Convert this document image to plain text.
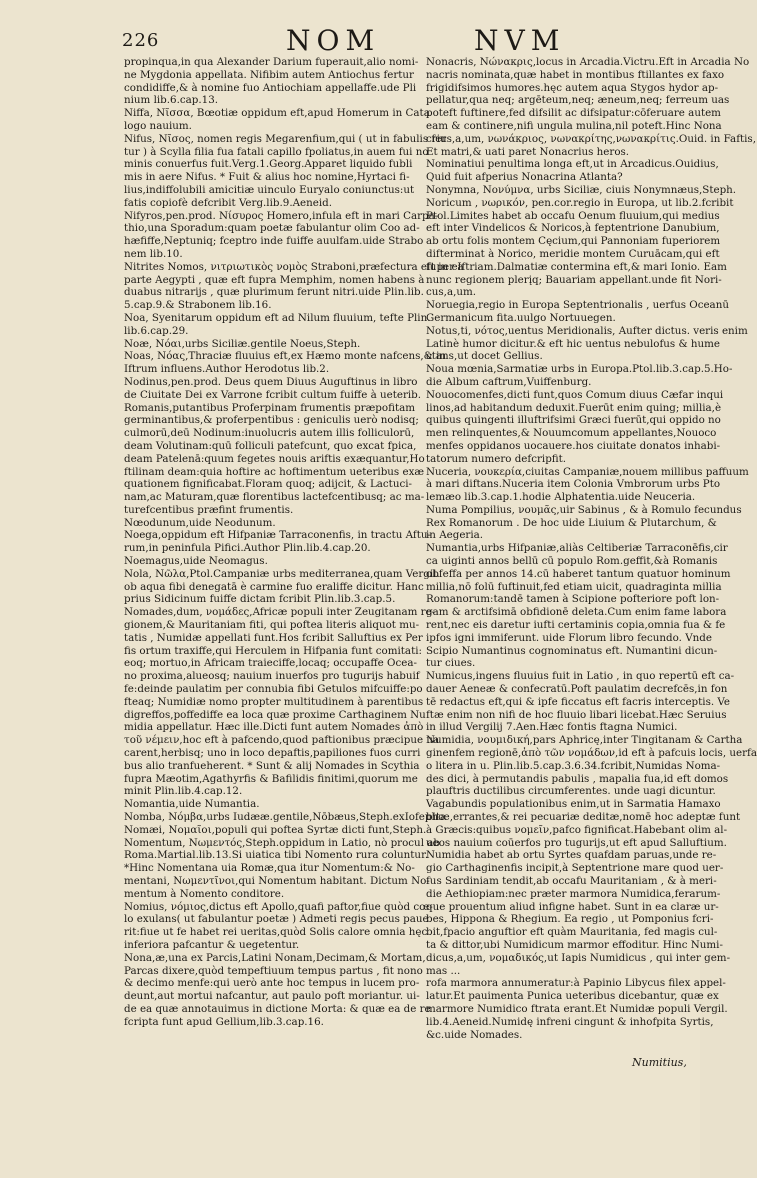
226	NOM	NVM
propinqua,in qua Alexander Darium fuperauit,alio nomi-
ne Mygdonia appellata. Nifibim autem Antiochus fertur
condidiffe,& à nomine fuo Antiochiam appellaffe.ude Pli
nium lib.6.cap.13.
Niffa, Νῖσσα, Bœotiæ oppidum eft,apud Homerum in Cata
logo nauium.
Nifus, Νῖσος, nomen regis Megarenfium,qui ( ut in fabulis fer
tur ) à Scylla filia fua fatali capillo fpoliatus,in auem fui no
minis conuerfus fuit.Verg.1.Georg.Apparet liquido fubli
mis in aere Nifus. * Fuit & alius hoc nomine,Hyrtaci fi-
lius,indiffolubili amicitiæ uinculo Euryalo coniunctus:ut
fatis copiofè defcribit Verg.lib.9.Aeneid.
Nifyros,pen.prod. Νίσυρος Homero,infula eft in mari Carpa-
thio,una Sporadum:quam poetæ fabulantur olim Coo ad-
hæfiffe,Neptuniq; fceptro inde fuiffe auulfam.uide Strabo
nem lib.10.
Nitrites Nomos, νιτριωτικὸς νομὸς Straboni,præfectura eft in ea
parte Aegypti , quæ eft fupra Memphim, nomen habens à
duabus nitrarijs , quæ plurimum ferunt nitri.uide Plin.lib.
5.cap.9.& Strabonem lib.16.
Noa, Syenitarum oppidum eft ad Nilum fluuium, tefte Plin.
lib.6.cap.29.
Noæ, Νόαι,urbs Siciliæ.gentile Noeus,Steph.
Noas, Νόας,Thraciæ fluuius eft,ex Hæmo monte nafcens,& in
Iftrum influens.Author Herodotus lib.2.
Nodinus,pen.prod. Deus quem Diuus Auguftinus in libro
de Ciuitate Dei ex Varrone fcribit cultum fuiffe à ueterib.
Romanis,putantibus Proferpinam frumentis præpofitam
germinantibus,& proferpentibus : geniculis uerò nodisq;
culmorū,deū Nodinum:inuolucris autem illis folliculorū,
deam Volutinam:quū folliculi patefcunt, quo excat fpica,
deam Patelenā:quum fegetes nouis ariftis exæquantur,Ho
ftilinam deam:quia hoftire ac hoftimentum ueteribus exæ
quationem fignificabat.Floram quoq; adijcit, & Lactuci-
nam,ac Maturam,quæ florentibus lactefcentibusq; ac ma-
turefcentibus præfint frumentis.
Nœodunum,uide Neodunum.
Noega,oppidum eft Hifpaniæ Tarraconenfis, in tractu Aftu-
rum,in peninfula Pifici.Author Plin.lib.4.cap.20.
Noemagus,uide Neomagus.
Nola, Νῶλα,Ptol.Campaniæ urbs mediterranea,quam Vergil.
ob aqua fibi denegatā è carmine fuo eraliffe dicitur. Hanc
prius Sidicinum fuiffe dictam fcribit Plin.lib.3.cap.5.
Nomades,dum, νομάδες,Africæ populi inter Zeugitanam re-
gionem,& Mauritaniam fiti, qui poftea literis aliquot mu-
tatis , Numidæ appellati funt.Hos fcribit Salluftius ex Per
fis ortum traxiffe,qui Herculem in Hifpania funt comitati:
eoq; mortuo,in Africam traieciffe,locaq; occupaffe Ocea-
no proxima,alueosq; nauium inuerfos pro tugurijs habuif
fe:deinde paulatim per connubia fibi Getulos mifcuiffe:po
fteaq; Numidiæ nomo propter multitudinem à parentibus
digreffos,poffediffe ea loca quæ proxime Carthaginem Nu
midia appellatur. Hæc ille.Dicti funt autem Nomades ἀπὸ
τοῦ νέμειν,hoc eft à pafcendo,quod paftionibus præcipue ua
carent,herbisq; uno in loco depaftis,papiliones fuos curri
bus alio tranfueherent. * Sunt & alij Nomades in Scythia
fupra Mæotim,Agathyrfis & Bafilidis finitimi,quorum me
minit Plin.lib.4.cap.12.
Nomantia,uide Numantia.
Nomba, Νόμβα,urbs Iudææ.gentile,Nōbæus,Steph.exIofepho.
Nomæi, Νομαῖοι,populi qui poftea Syrtæ dicti funt,Steph.
Nomentum, Νωμεντός,Steph.oppidum in Latio, nò procul ab
Roma.Martial.lib.13.Si uiatica tibi Nomento rura coluntur.
*Hinc Nomentana uia Romæ,qua itur Nomentum:& No-
mentani, Νωμεντῖνοι,qui Nomentum habitant. Dictum No-
mentum à Nomento conditore.
Nomius, νόμιος,dictus eft Apollo,quafi paftor,fiue quòd cœ-
lo exulans( ut fabulantur poetæ ) Admeti regis pecus paue
rit:fiue ut fe habet rei ueritas,quòd Solis calore omnia hęc
inferiora pafcantur & uegetentur.
Nona,æ,una ex Parcis,Latini Nonam,Decimam,& Mortam,
Parcas dixere,quòd tempeftiuum tempus partus , fit nono
& decimo menfe:qui uerò ante hoc tempus in lucem pro-
deunt,aut mortui nafcantur, aut paulo poft moriantur. ui-
de ea quæ annotauimus in dictione Morta: & quæ ea de re
fcripta funt apud Gellium,lib.3.cap.16.
Nonacris, Νώνακρις,locus in Arcadia.Victru.Eft in Arcadia No
nacris nominata,quæ habet in montibus ftillantes ex faxo
frigidifsimos humores.hęc autem aqua Stygos hydor ap-
pellatur,qua neq; argēteum,neq; æneum,neq; ferreum uas
poteft fuftinere,fed difsilit ac difsipatur:cōferuare autem
eam & continere,nifi ungula mulina,nil poteft.Hinc Nona
crius,a,um, νωνάκριος, νωνακρίτης,νωνακρίτις.Ouid. in Faftis,
Et matri,& uati paret Nonacrius heros.
Nominatiui penultima longa eft,ut in Arcadicus.Ouidius,
Quid fuit afperius Nonacrina Atlanta?
Nonymna, Νονύμνα, urbs Siciliæ, ciuis Nonymnæus,Steph.
Noricum , νωρικόν, pen.cor.regio in Europa, ut lib.2.fcribit
Ptol.Limites habet ab occafu Oenum fluuium,qui medius
eft inter Vindelicos & Noricos,à feptentrione Danubium,
ab ortu folis montem Cęcium,qui Pannoniam fuperiorem
difterminat à Norico, meridie montem Curuācam,qui eft
fuper Iftriam.Dalmatiæ contermina eft,& mari Ionio. Eam
nunc regionem plerįq; Bauariam appellant.unde fit Nori-
cus,a,um.
Noruegia,regio in Europa Septentrionalis , uerfus Oceanū
Germanicum fita.uulgo Nortuuegen.
Notus,ti, νότος,uentus Meridionalis, Aufter dictus. veris enim
Latinè humor dicitur.& eft hic uentus nebulofus & hume
ctans,ut docet Gellius.
Noua mœnia,Sarmatiæ urbs in Europa.Ptol.lib.3.cap.5.Ho-
die Album caftrum,Vuiffenburg.
Nouocomenfes,dicti funt,quos Comum diuus Cæfar inqui
linos,ad habitandum deduxit.Fuerūt enim quing; millia,è
quibus quingenti illuftrifsimi Græci fuerūt,qui oppido no
men relinquentes,& Nouumcomum appellantes,Nouoco
menfes oppidanos uocauere.hos ciuitate donatos inhabi-
tatorum numero defcripfit.
Nuceria, νουκερία,ciuitas Campaniæ,nouem millibus paffuum
à mari diftans.Nuceria item Colonia Vmbrorum urbs Pto
lemæo lib.3.cap.1.hodie Alphatentia.uide Neuceria.
Numa Pompilius, νουμᾶς,uir Sabinus , & à Romulo fecundus
Rex Romanorum . De hoc uide Liuium & Plutarchum, &
in Aegeria.
Numantia,urbs Hifpaniæ,aliàs Celtiberiæ Tarraconēfis,cir
ca uiginti annos bellū cū populo Rom.geffit,&à Romanis
obfeffa per annos 14.cū haberet tantum quatuor hominum
millia,nō folū fuftinuit,fed etiam uicit, quadraginta millia
Romanorum:tandē tamen à Scipione pofteriore poft lon-
gam & arctifsimā obfidionē deleta.Cum enim fame labora
rent,nec eis daretur iufti certaminis copia,omnia fua & fe
ipfos igni immiferunt. uide Florum libro fecundo. Vnde
Scipio Numantinus cognominatus eft. Numantini dicun-
tur ciues.
Numicus,ingens fluuius fuit in Latio , in quo repertū eft ca-
dauer Aeneæ & confecratū.Poft paulatim decrefcēs,in fon
tē redactus eft,qui & ipfe ficcatus eft facris interceptis. Ve
ftæ enim non nifi de hoc fluuio libari licebat.Hæc Seruius
in illud Vergilij 7.Aen.Hæc fontis ftagna Numici.
Numidia, νουμιδική,pars Aphricę,inter Tingitanam & Cartha
ginenfem regionē,ἀπὸ τῶν νομάδων,id eft à pafcuis locis, uerfa
o litera in u. Plin.lib.5.cap.3.6.34.fcribit,Numidas Noma-
des dici, à permutandis pabulis , mapalia fua,id eft domos
plauftris ductilibus circumferentes. unde uagi dicuntur.
Vagabundis populationibus enim,ut in Sarmatia Hamaxo
bitæ,errantes,& rei pecuariæ deditæ,nomē hoc adeptæ funt
à Græcis:quibus νομεῖν,pafco fignificat.Habebant olim al-
ueos nauium coūerfos pro tugurijs,ut eft apud Salluftium.
Numidia habet ab ortu Syrtes quafdam paruas,unde re-
gio Carthaginenfis incipit,à Septentrione mare quod uer-
fus Sardiniam tendit,ab occafu Mauritaniam , & à meri-
die Aethiopiam:nec præter marmora Numidica,ferarum-
que prouentum aliud infigne habet. Sunt in ea claræ ur-
bes, Hippona & Rhegium. Ea regio , ut Pomponius fcri-
bit,fpacio anguftior eft quàm Mauritania, fed magis cul-
ta & dittor,ubi Numidicum marmor effoditur. Hinc Numi-
dicus,a,um, νομαδικός,ut Iapis Numidicus , qui inter gem-
mas ...
rofa marmora annumeratur:à Papinio Libycus filex appel-
latur.Et pauimenta Punica ueteribus dicebantur, quæ ex
marmore Numidico ftrata erant.Et Numidæ populi Vergil.
lib.4.Aeneid.Numidę infreni cingunt & inhofpita Syrtis,
&c.uide Nomades.
Numitius,
